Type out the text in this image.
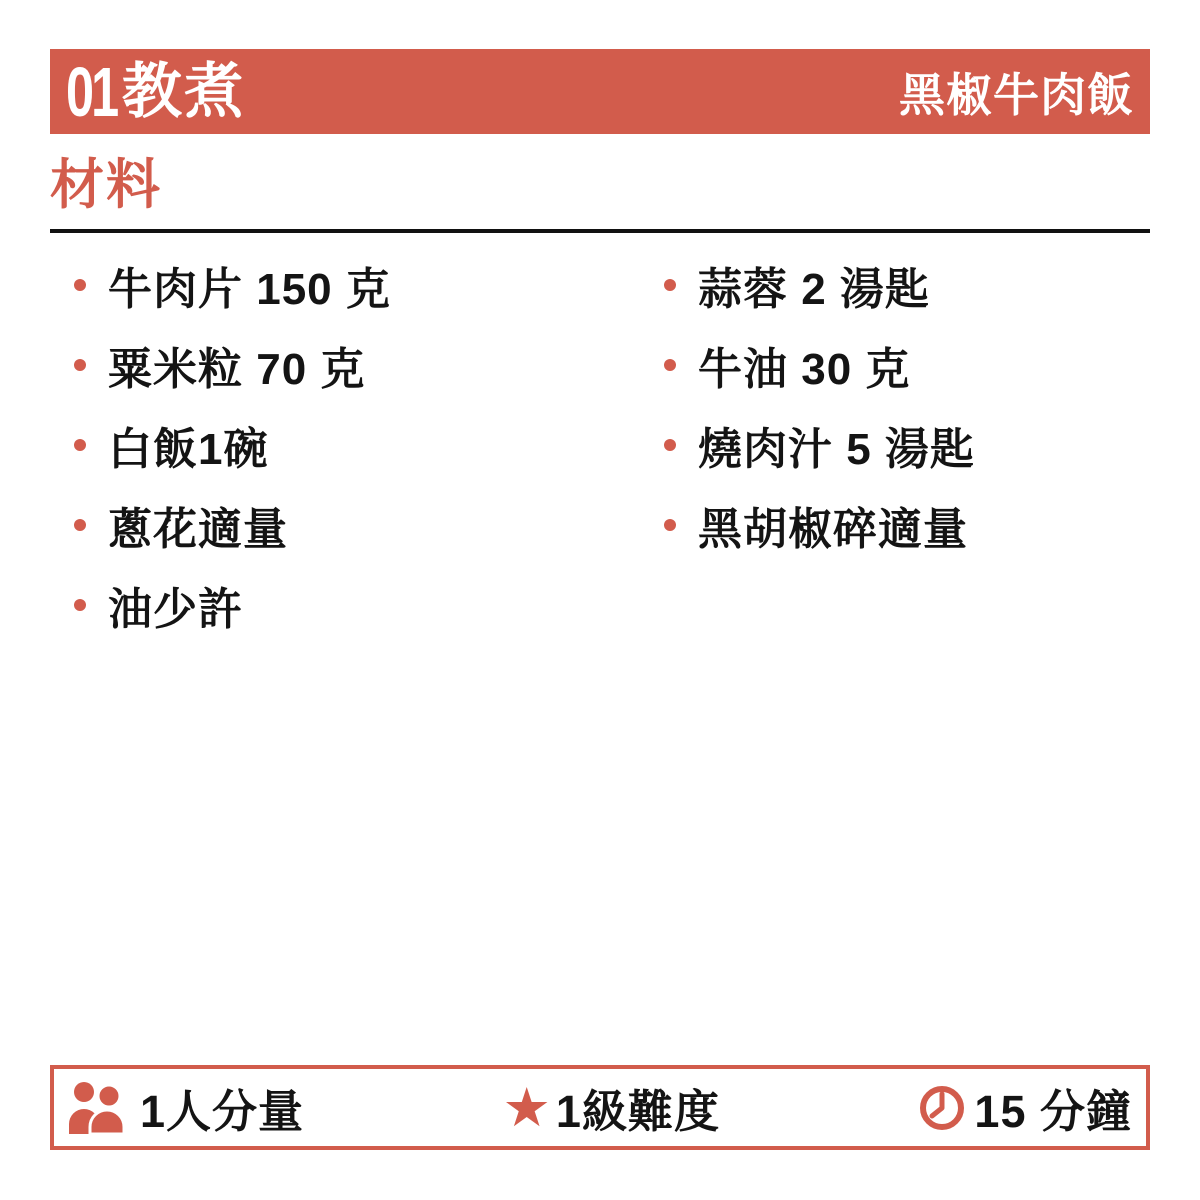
01 教煮	黑椒牛肉飯
材料
牛肉片 150 克
粟米粒 70 克
白飯1碗
蔥花適量
油少許
蒜蓉 2 湯匙
牛油 30 克
燒肉汁 5 湯匙
黑胡椒碎適量
1人分量	★ 1級難度	15 分鐘
